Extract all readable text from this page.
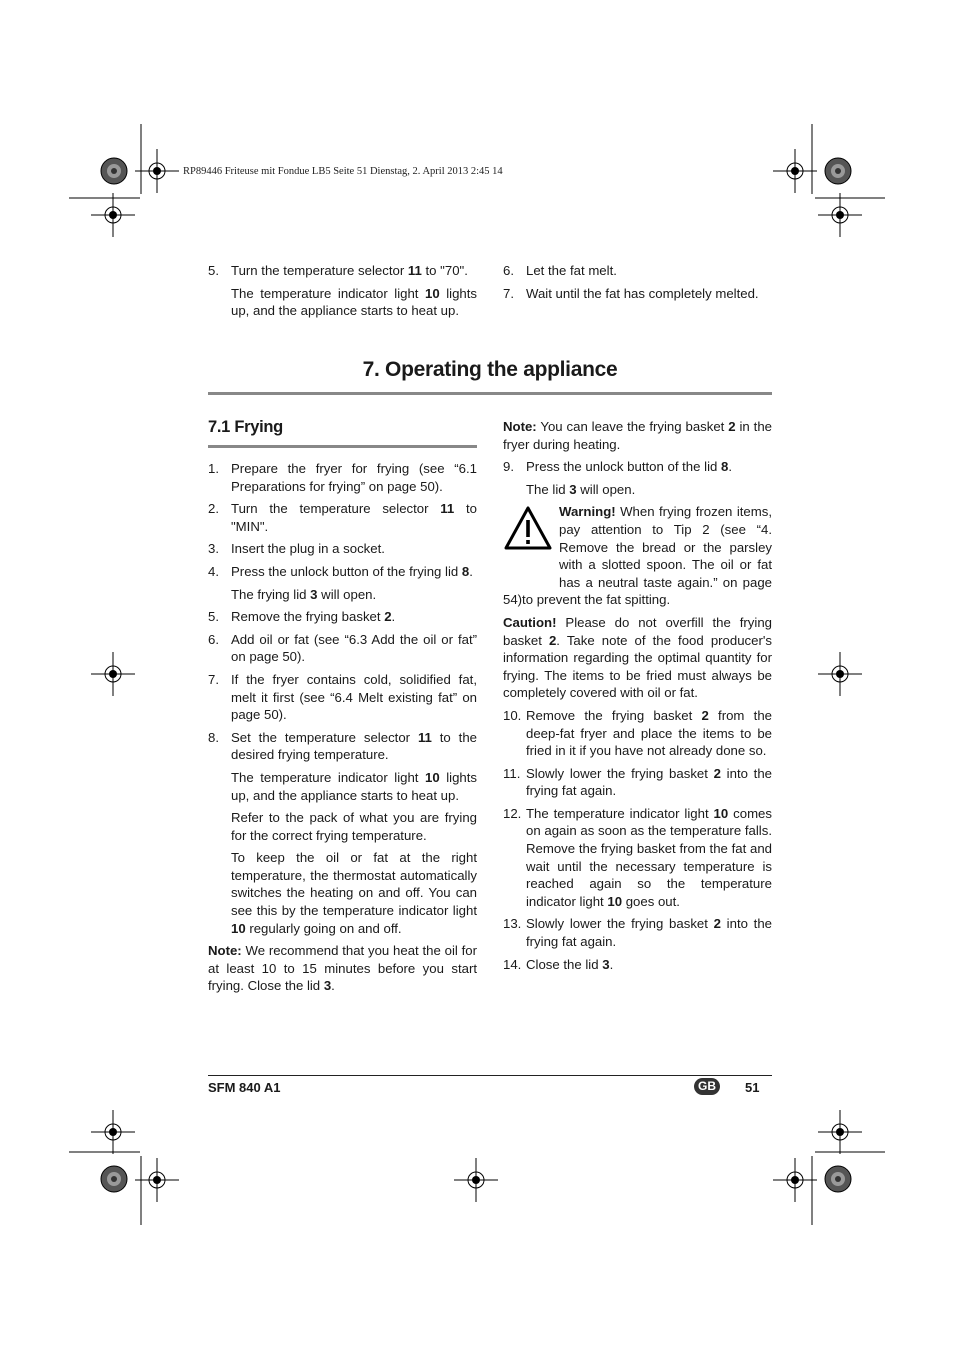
RP89446 Friteuse mit Fondue LB5 Seite 51 Dienstag, 2. April 2013 2:45 14
5. Turn the temperature selector 11 to "70".
The temperature indicator light 10 lights up, and the appliance starts to heat up.
6. Let the fat melt.
7. Wait until the fat has completely melted.
7. Operating the appliance
7.1 Frying
1. Prepare the fryer for frying (see “6.1 Preparations for frying” on page 50).
2. Turn the temperature selector 11 to "MIN".
3. Insert the plug in a socket.
4. Press the unlock button of the frying lid 8.
The frying lid 3 will open.
5. Remove the frying basket 2.
6. Add oil or fat (see “6.3 Add the oil or fat” on page 50).
7. If the fryer contains cold, solidified fat, melt it first (see “6.4 Melt existing fat” on page 50).
8. Set the temperature selector 11 to the desired frying temperature.
The temperature indicator light 10 lights up, and the appliance starts to heat up.
Refer to the pack of what you are frying for the correct frying temperature.
To keep the oil or fat at the right temperature, the thermostat automatically switches the heating on and off. You can see this by the temperature indicator light 10 regularly going on and off.
Note: We recommend that you heat the oil for at least 10 to 15 minutes before you start frying. Close the lid 3.
Note: You can leave the frying basket 2 in the fryer during heating.
9. Press the unlock button of the lid 8.
The lid 3 will open.
Warning! When frying frozen items, pay attention to Tip 2 (see “4. Remove the bread or the parsley with a slotted spoon. The oil or fat has a neutral taste again.” on page 54)to prevent the fat spitting.
Caution! Please do not overfill the frying basket 2. Take note of the food producer's information regarding the optimal quantity for frying. The items to be fried must always be completely covered with oil or fat.
10. Remove the frying basket 2 from the deep-fat fryer and place the items to be fried in it if you have not already done so.
11. Slowly lower the frying basket 2 into the frying fat again.
12. The temperature indicator light 10 comes on again as soon as the temperature falls. Remove the frying basket from the fat and wait until the necessary temperature is reached again so the temperature indicator light 10 goes out.
13. Slowly lower the frying basket 2 into the frying fat again.
14. Close the lid 3.
SFM 840 A1	GB	51
